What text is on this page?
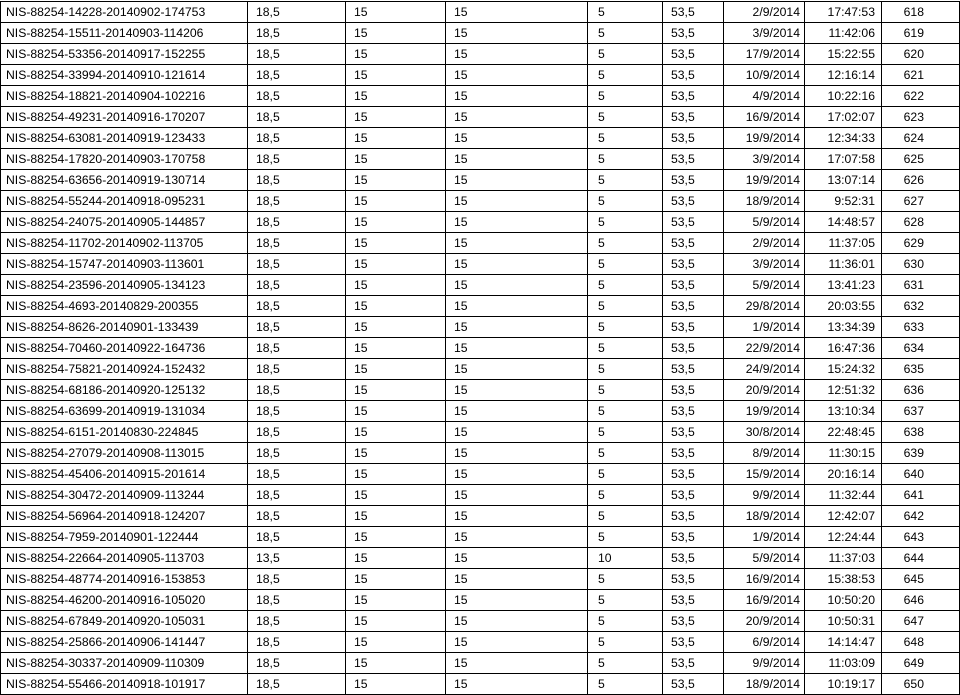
NIS-88254-14228-20140902-174753	18,5	15	15	5	53,5	2/9/2014	17:47:53	618
NIS-88254-15511-20140903-114206	18,5	15	15	5	53,5	3/9/2014	11:42:06	619
NIS-88254-53356-20140917-152255	18,5	15	15	5	53,5	17/9/2014	15:22:55	620
NIS-88254-33994-20140910-121614	18,5	15	15	5	53,5	10/9/2014	12:16:14	621
NIS-88254-18821-20140904-102216	18,5	15	15	5	53,5	4/9/2014	10:22:16	622
NIS-88254-49231-20140916-170207	18,5	15	15	5	53,5	16/9/2014	17:02:07	623
NIS-88254-63081-20140919-123433	18,5	15	15	5	53,5	19/9/2014	12:34:33	624
NIS-88254-17820-20140903-170758	18,5	15	15	5	53,5	3/9/2014	17:07:58	625
NIS-88254-63656-20140919-130714	18,5	15	15	5	53,5	19/9/2014	13:07:14	626
NIS-88254-55244-20140918-095231	18,5	15	15	5	53,5	18/9/2014	9:52:31	627
NIS-88254-24075-20140905-144857	18,5	15	15	5	53,5	5/9/2014	14:48:57	628
NIS-88254-11702-20140902-113705	18,5	15	15	5	53,5	2/9/2014	11:37:05	629
NIS-88254-15747-20140903-113601	18,5	15	15	5	53,5	3/9/2014	11:36:01	630
NIS-88254-23596-20140905-134123	18,5	15	15	5	53,5	5/9/2014	13:41:23	631
NIS-88254-4693-20140829-200355	18,5	15	15	5	53,5	29/8/2014	20:03:55	632
NIS-88254-8626-20140901-133439	18,5	15	15	5	53,5	1/9/2014	13:34:39	633
NIS-88254-70460-20140922-164736	18,5	15	15	5	53,5	22/9/2014	16:47:36	634
NIS-88254-75821-20140924-152432	18,5	15	15	5	53,5	24/9/2014	15:24:32	635
NIS-88254-68186-20140920-125132	18,5	15	15	5	53,5	20/9/2014	12:51:32	636
NIS-88254-63699-20140919-131034	18,5	15	15	5	53,5	19/9/2014	13:10:34	637
NIS-88254-6151-20140830-224845	18,5	15	15	5	53,5	30/8/2014	22:48:45	638
NIS-88254-27079-20140908-113015	18,5	15	15	5	53,5	8/9/2014	11:30:15	639
NIS-88254-45406-20140915-201614	18,5	15	15	5	53,5	15/9/2014	20:16:14	640
NIS-88254-30472-20140909-113244	18,5	15	15	5	53,5	9/9/2014	11:32:44	641
NIS-88254-56964-20140918-124207	18,5	15	15	5	53,5	18/9/2014	12:42:07	642
NIS-88254-7959-20140901-122444	18,5	15	15	5	53,5	1/9/2014	12:24:44	643
NIS-88254-22664-20140905-113703	13,5	15	15	10	53,5	5/9/2014	11:37:03	644
NIS-88254-48774-20140916-153853	18,5	15	15	5	53,5	16/9/2014	15:38:53	645
NIS-88254-46200-20140916-105020	18,5	15	15	5	53,5	16/9/2014	10:50:20	646
NIS-88254-67849-20140920-105031	18,5	15	15	5	53,5	20/9/2014	10:50:31	647
NIS-88254-25866-20140906-141447	18,5	15	15	5	53,5	6/9/2014	14:14:47	648
NIS-88254-30337-20140909-110309	18,5	15	15	5	53,5	9/9/2014	11:03:09	649
NIS-88254-55466-20140918-101917	18,5	15	15	5	53,5	18/9/2014	10:19:17	650
